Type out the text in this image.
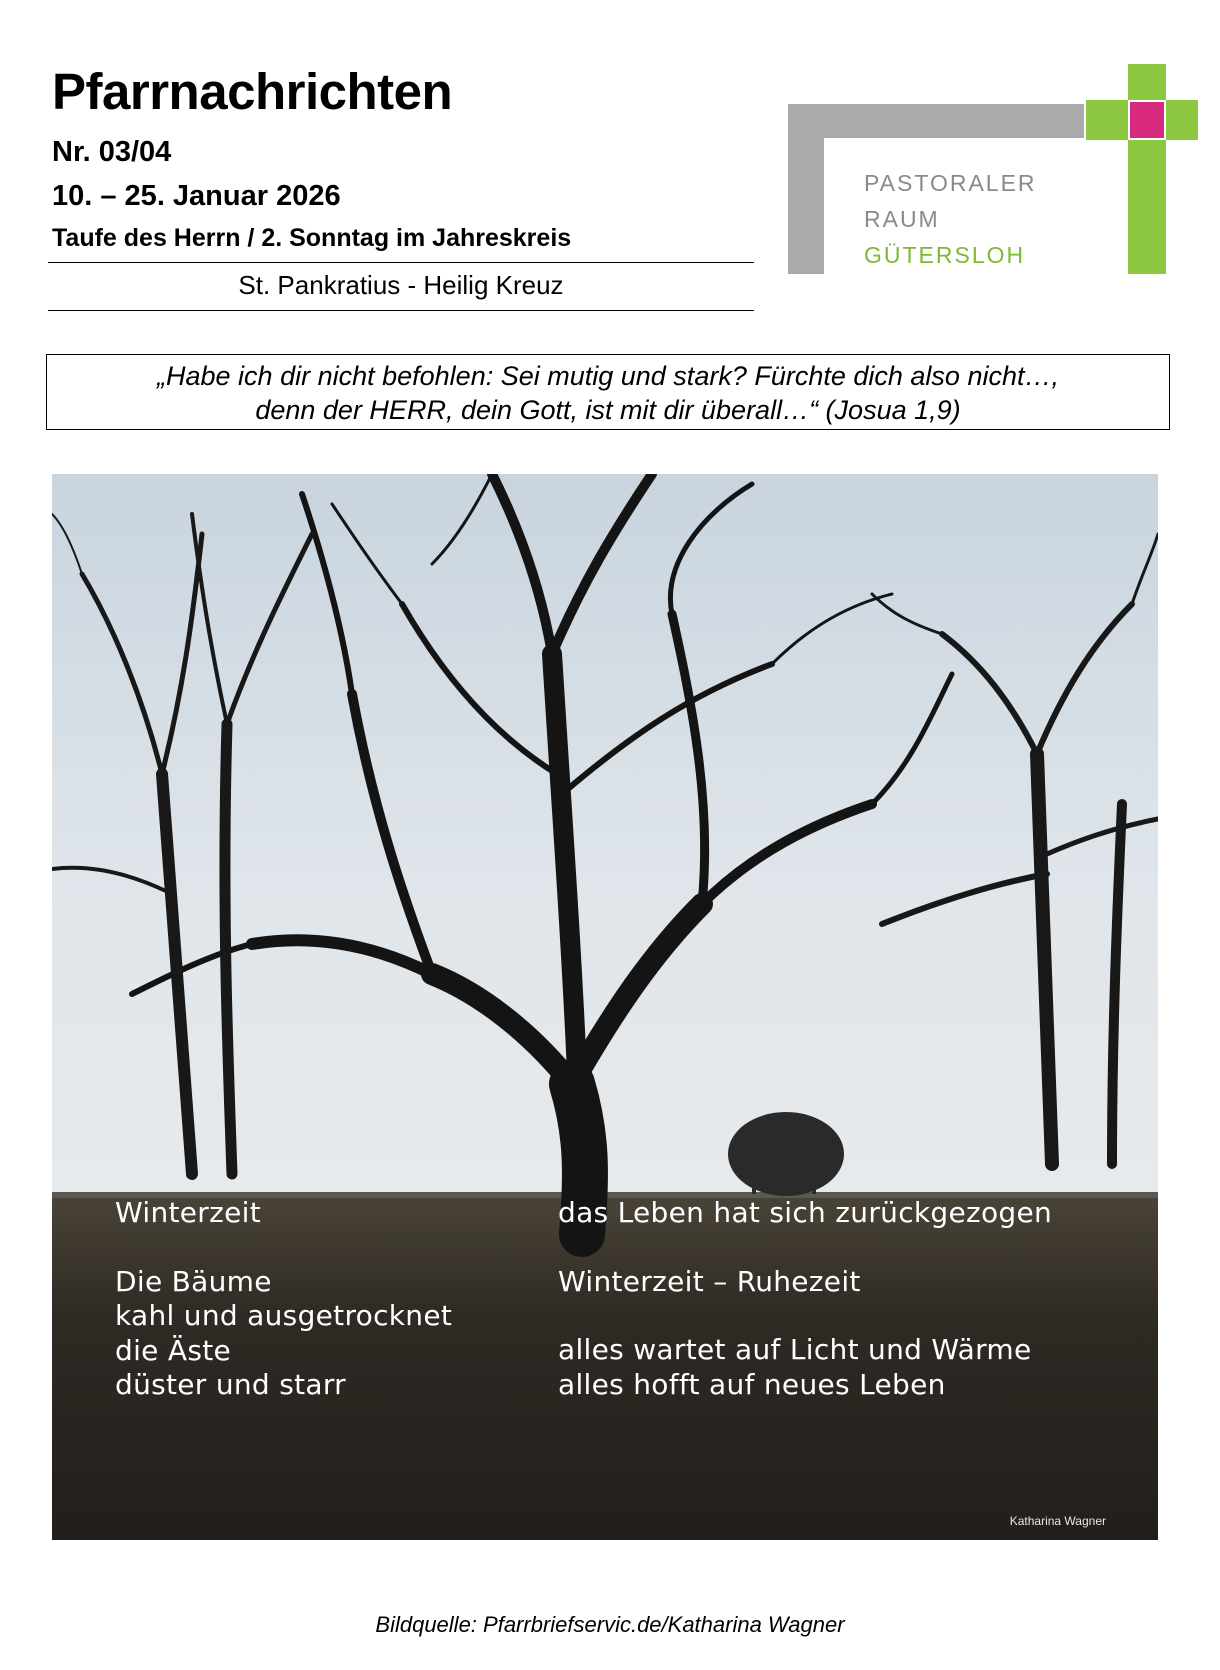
Pfarrnachrichten
Nr. 03/04
10. – 25. Januar 2026
Taufe des Herrn / 2. Sonntag im Jahreskreis
St. Pankratius - Heilig Kreuz
PASTORALER
RAUM
GÜTERSLOH
„Habe ich dir nicht befohlen: Sei mutig und stark? Fürchte dich also nicht…,
denn der HERR, dein Gott, ist mit dir überall…“ (Josua 1,9)
Winterzeit
Die Bäume
kahl und ausgetrocknet
die Äste
düster und starr
das Leben hat sich zurückgezogen
Winterzeit – Ruhezeit
alles wartet auf Licht und Wärme
alles hofft auf neues Leben
Katharina Wagner
Bildquelle: Pfarrbriefservic.de/Katharina Wagner
